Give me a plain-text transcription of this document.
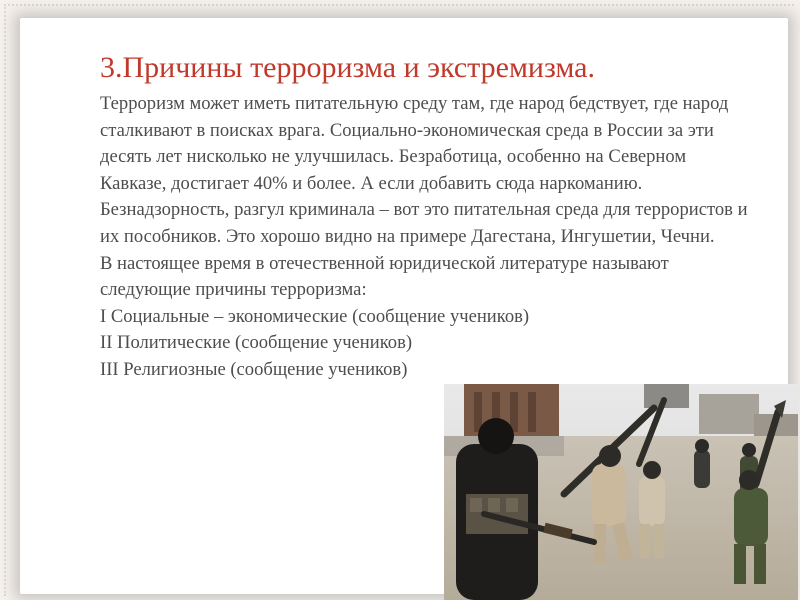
3.Причины терроризма и экстремизма.

Терроризм может иметь питательную среду там, где народ бедствует, где народ сталкивают в поисках врага. Социально-экономическая среда в России за эти десять лет нисколько не улучшилась. Безработица, особенно на Северном Кавказе, достигает 40% и более. А если добавить сюда наркоманию. Безнадзорность, разгул криминала – вот это питательная среда для террористов и их пособников. Это хорошо видно на примере Дагестана, Ингушетии, Чечни.

В настоящее время в отечественной юридической литературе называют следующие причины терроризма:

I Социальные – экономические (сообщение учеников)

II Политические (сообщение учеников)

III Религиозные (сообщение учеников)
